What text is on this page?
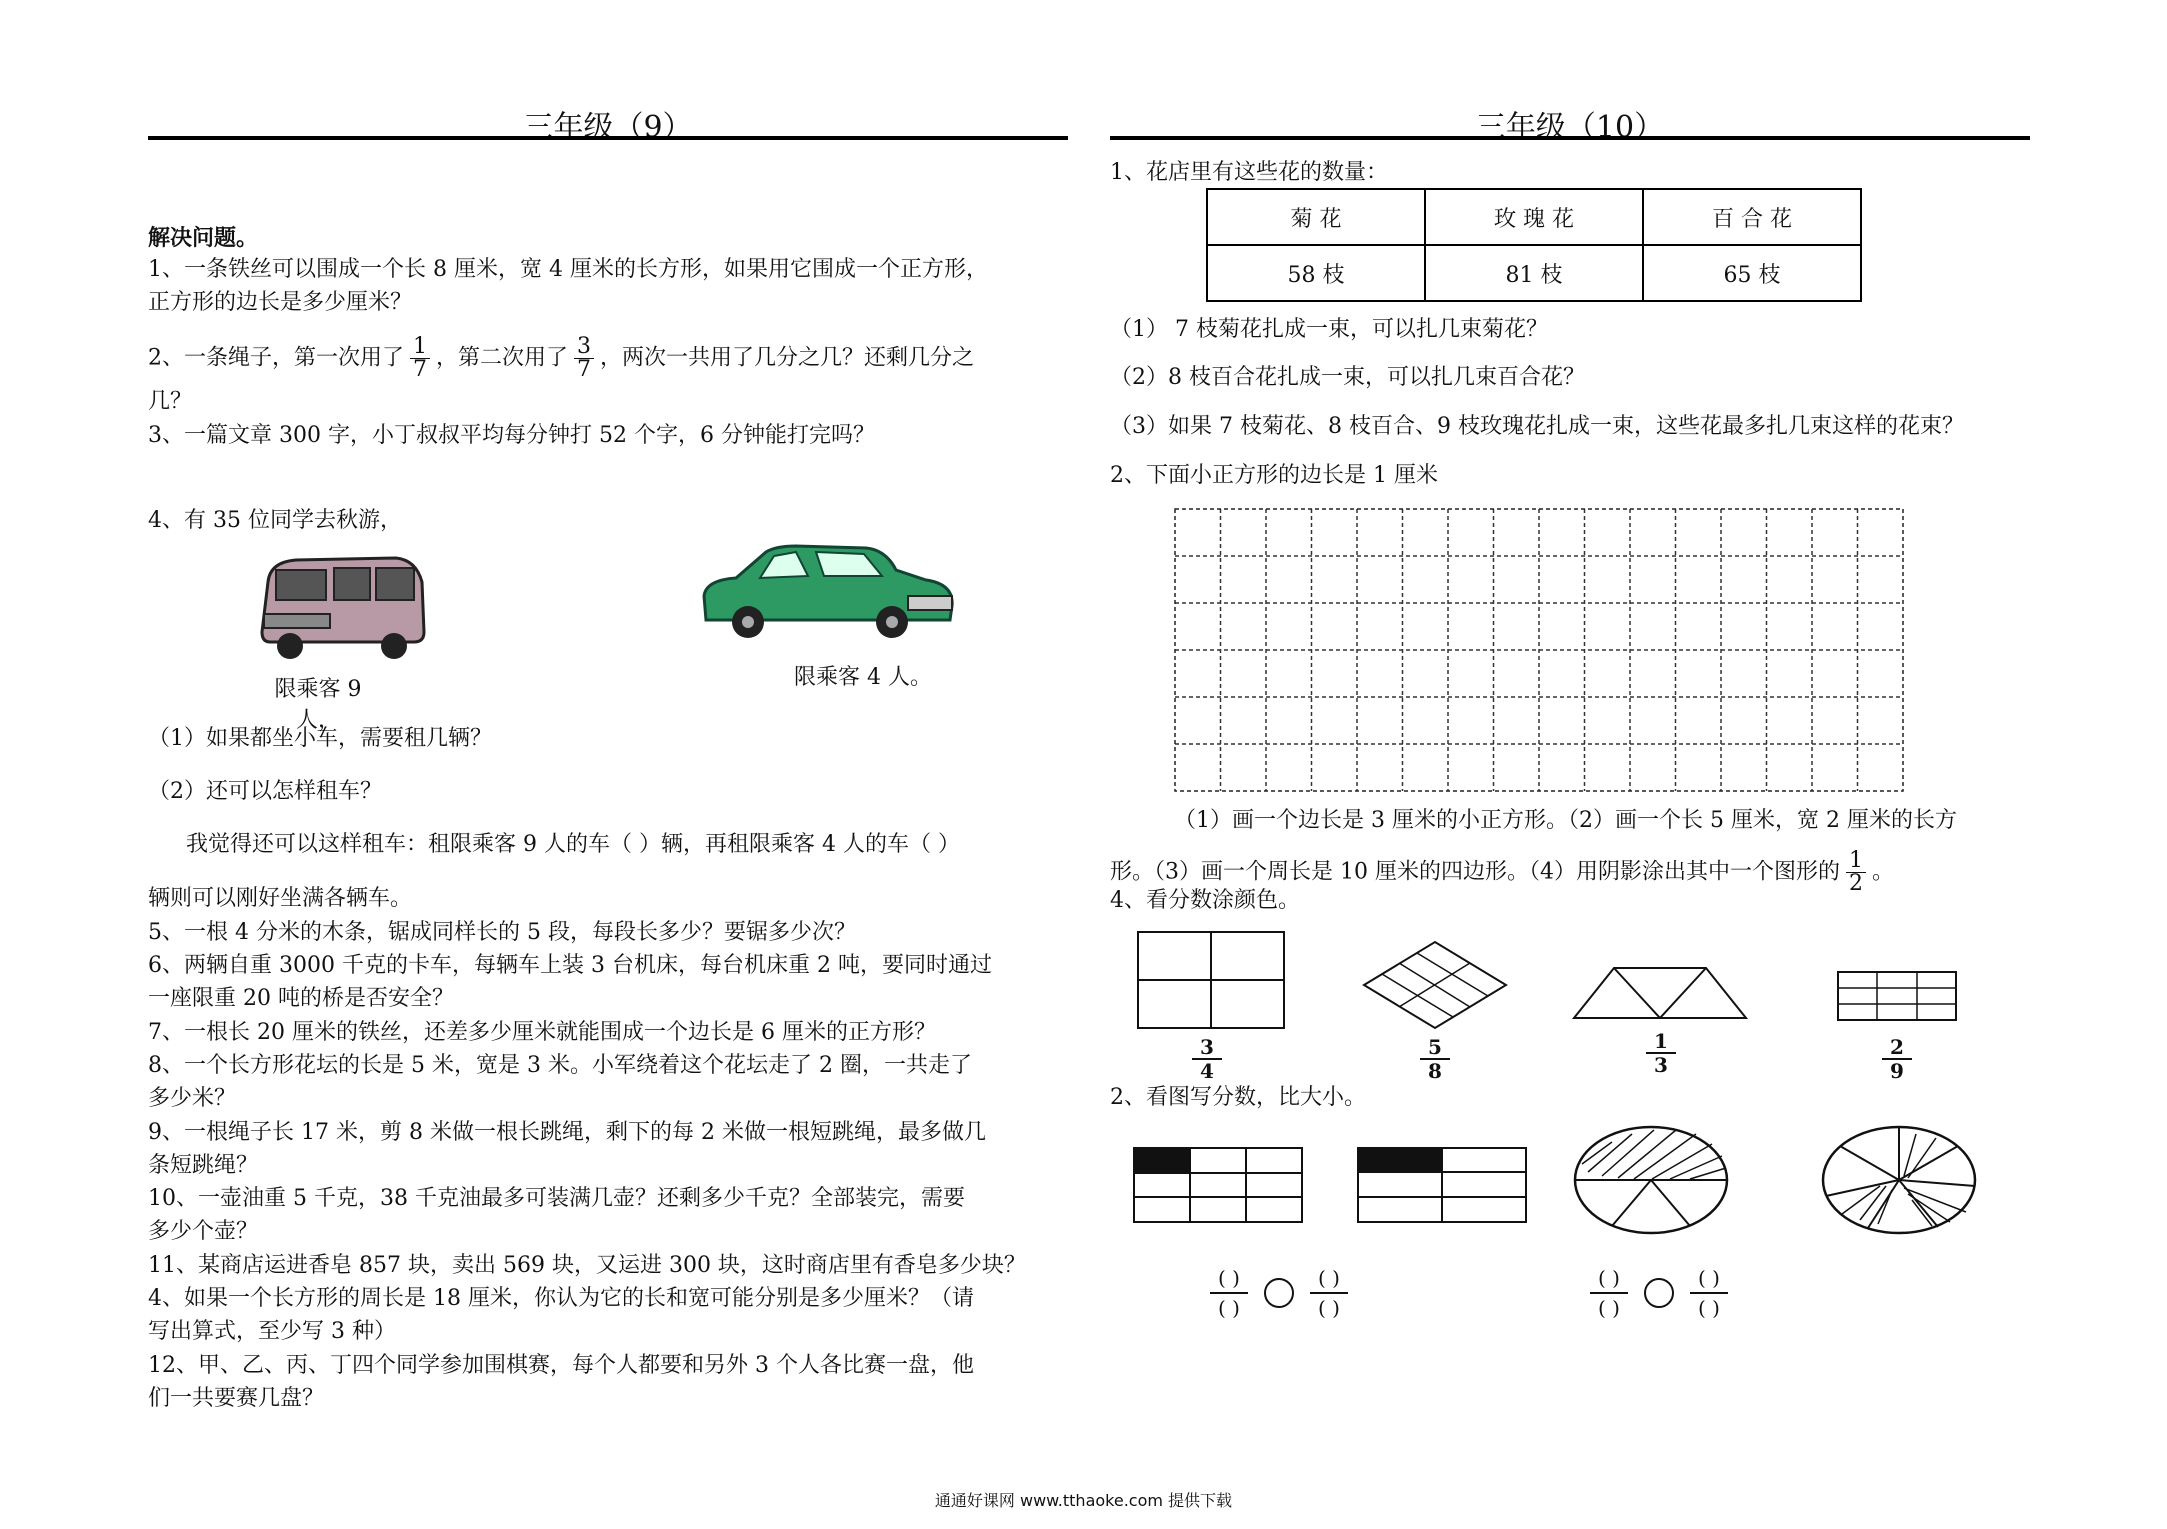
三年级（9）
解决问题。
1、一条铁丝可以围成一个长 8 厘米，宽 4 厘米的长方形，如果用它围成一个正方形，
正方形的边长是多少厘米？
2、一条绳子，第一次用了 $\frac{1}{7}$ ，第二次用了 $\frac{3}{7}$ ，两次一共用了几分之几？还剩几分之
几？
3、一篇文章 300 字，小丁叔叔平均每分钟打 52 个字，6 分钟能打完吗？
4、有 35 位同学去秋游，
限乘客 9 人，
限乘客 4 人。
（1）如果都坐小车，需要租几辆？
（2）还可以怎样租车？
我觉得还可以这样租车：租限乘客 9 人的车（ ）辆，再租限乘客 4 人的车（ ）
辆则可以刚好坐满各辆车。
5、一根 4 分米的木条，锯成同样长的 5 段，每段长多少？要锯多少次？
6、两辆自重 3000 千克的卡车，每辆车上装 3 台机床，每台机床重 2 吨，要同时通过
一座限重 20 吨的桥是否安全？
7、一根长 20 厘米的铁丝，还差多少厘米就能围成一个边长是 6 厘米的正方形？
8、一个长方形花坛的长是 5 米，宽是 3 米。小军绕着这个花坛走了 2 圈，一共走了
多少米？
9、一根绳子长 17 米，剪 8 米做一根长跳绳，剩下的每 2 米做一根短跳绳，最多做几
条短跳绳？
10、一壶油重 5 千克，38 千克油最多可装满几壶？还剩多少千克？全部装完，需要
多少个壶？
11、某商店运进香皂 857 块，卖出 569 块，又运进 300 块，这时商店里有香皂多少块？
4、如果一个长方形的周长是 18 厘米，你认为它的长和宽可能分别是多少厘米？（请
写出算式，至少写 3 种）
12、甲、乙、丙、丁四个同学参加围棋赛，每个人都要和另外 3 个人各比赛一盘，他
们一共要赛几盘？
三年级（10）
1、花店里有这些花的数量：
菊 花	玫 瑰 花	百 合 花
58 枝	81 枝	65 枝
（1） 7 枝菊花扎成一束，可以扎几束菊花？
（2）8 枝百合花扎成一束，可以扎几束百合花？
（3）如果 7 枝菊花、8 枝百合、9 枝玫瑰花扎成一束，这些花最多扎几束这样的花束？
2、下面小正方形的边长是 1 厘米
（1）画一个边长是 3 厘米的小正方形。（2）画一个长 5 厘米，宽 2 厘米的长方
形。（3）画一个周长是 10 厘米的四边形。（4）用阴影涂出其中一个图形的 $\frac{1}{2}$ 。
4、看分数涂颜色。
3
4
5
8
1
3
2
9
2、看图写分数，比大小。
( )
( )
( )
( )
( )
( )
( )
( )
通通好课网 www.tthaoke.com 提供下载
